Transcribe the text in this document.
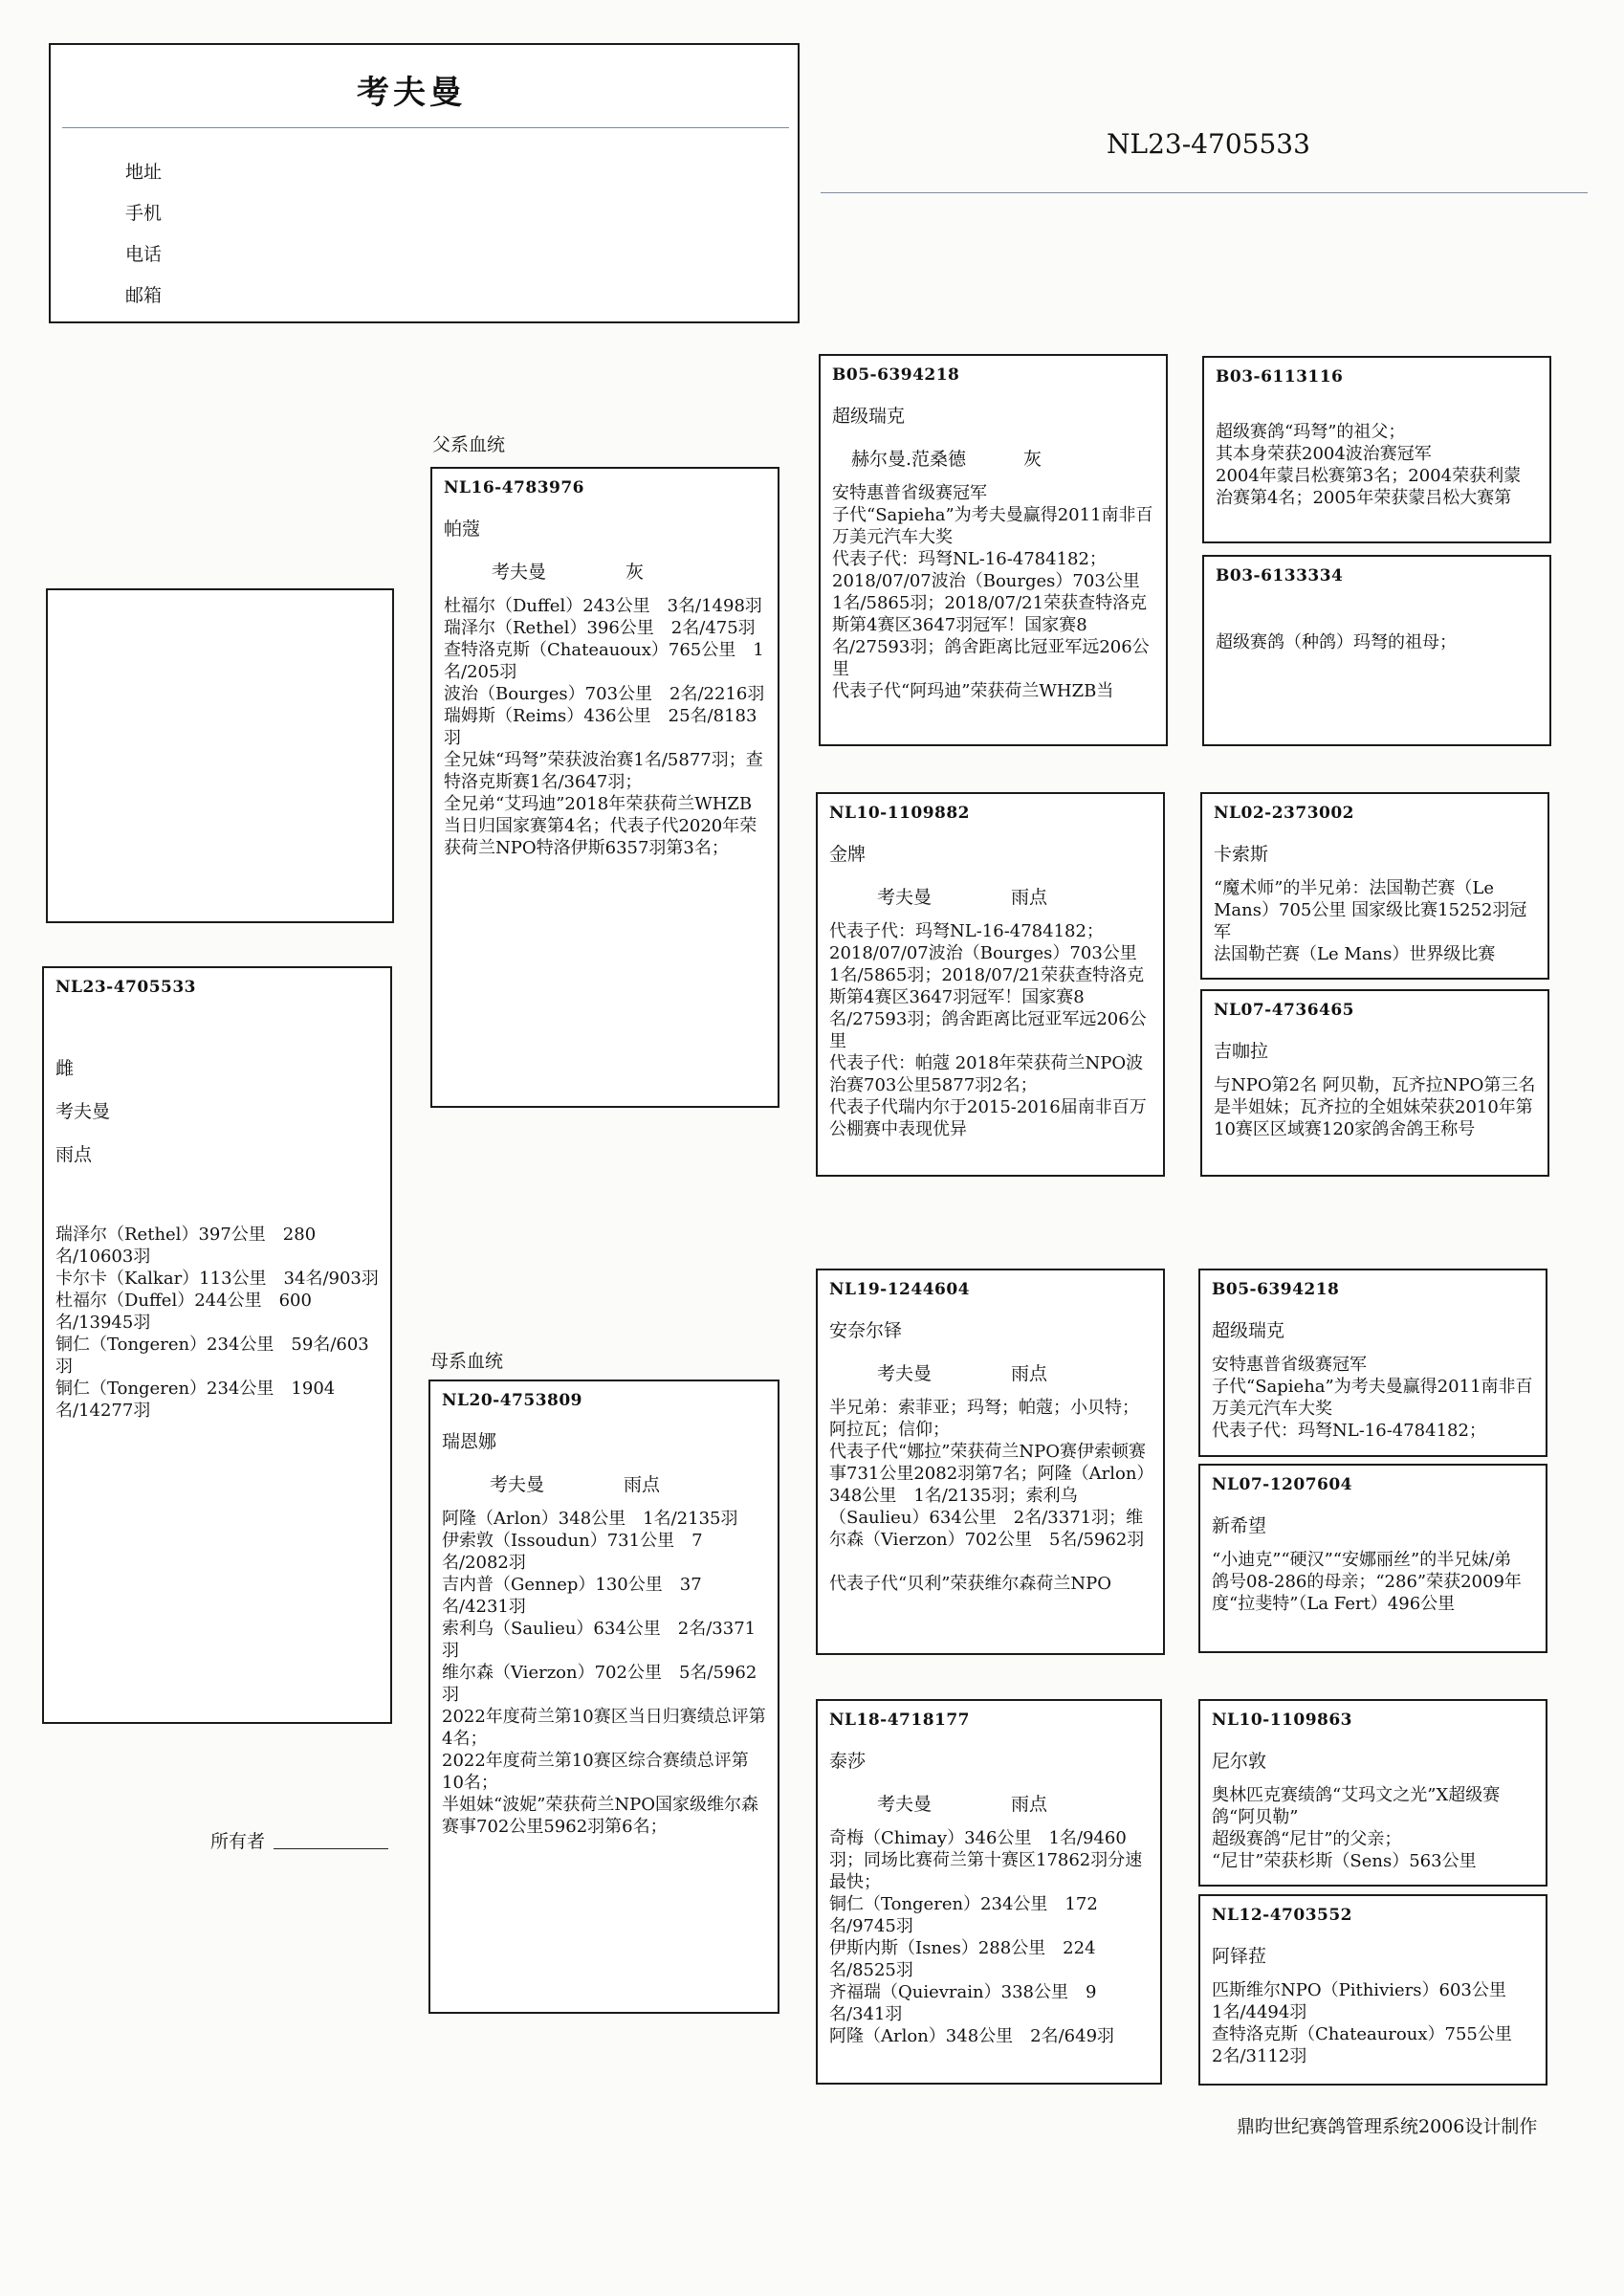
考夫曼
地址
手机
电话
邮箱
NL23-4705533
NL23-4705533
雌
考夫曼
雨点
瑞泽尔（Rethel）397公里　280名/10603羽
卡尔卡（Kalkar）113公里　34名/903羽
杜福尔（Duffel）244公里　600名/13945羽
铜仁（Tongeren）234公里　59名/603羽
铜仁（Tongeren）234公里　1904名/14277羽
所有者
父系血统
母系血统
NL16-4783976
帕蔻
考夫曼	灰
杜福尔（Duffel）243公里　3名/1498羽
瑞泽尔（Rethel）396公里　2名/475羽
查特洛克斯（Chateauoux）765公里　1名/205羽
波治（Bourges）703公里　2名/2216羽
瑞姆斯（Reims）436公里　25名/8183羽
全兄妹“玛弩”荣获波治赛1名/5877羽；查特洛克斯赛1名/3647羽；
全兄弟“艾玛迪”2018年荣获荷兰WHZB当日归国家赛第4名；代表子代2020年荣获荷兰NPO特洛伊斯6357羽第3名；
NL20-4753809
瑞恩娜
考夫曼	雨点
阿隆（Arlon）348公里　1名/2135羽
伊索敦（Issoudun）731公里　7名/2082羽
吉内普（Gennep）130公里　37名/4231羽
索利乌（Saulieu）634公里　2名/3371羽
维尔森（Vierzon）702公里　5名/5962羽
2022年度荷兰第10赛区当日归赛绩总评第4名；
2022年度荷兰第10赛区综合赛绩总评第10名；
半姐妹“波妮”荣获荷兰NPO国家级维尔森赛事702公里5962羽第6名；
B05-6394218
超级瑞克
赫尔曼.范桑德	灰
安特惠普省级赛冠军
子代“Sapieha”为考夫曼赢得2011南非百万美元汽车大奖
代表子代：玛弩NL-16-4784182；
2018/07/07波治（Bourges）703公里　1名/5865羽；2018/07/21荣获查特洛克斯第4赛区3647羽冠军！国家赛8名/27593羽；鸽舍距离比冠亚军远206公里
代表子代“阿玛迪”荣获荷兰WHZB当
NL10-1109882
金牌
考夫曼	雨点
代表子代：玛弩NL-16-4784182；
2018/07/07波治（Bourges）703公里　1名/5865羽；2018/07/21荣获查特洛克斯第4赛区3647羽冠军！国家赛8名/27593羽；鸽舍距离比冠亚军远206公里
代表子代：帕蔻 2018年荣获荷兰NPO波治赛703公里5877羽2名；
代表子代瑞内尔于2015-2016届南非百万公棚赛中表现优异
NL19-1244604
安奈尔铎
考夫曼	雨点
半兄弟：索菲亚；玛弩；帕蔻；小贝特；阿拉瓦；信仰；
代表子代“娜拉”荣获荷兰NPO赛伊索顿赛事731公里2082羽第7名；阿隆（Arlon）348公里　1名/2135羽；索利乌（Saulieu）634公里　2名/3371羽；维尔森（Vierzon）702公里　5名/5962羽

代表子代“贝利”荣获维尔森荷兰NPO
NL18-4718177
泰莎
考夫曼	雨点
奇梅（Chimay）346公里　1名/9460羽；同场比赛荷兰第十赛区17862羽分速最快；
铜仁（Tongeren）234公里　172名/9745羽
伊斯内斯（Isnes）288公里　224名/8525羽
齐福瑞（Quievrain）338公里　9名/341羽
阿隆（Arlon）348公里　2名/649羽
B03-6113116
超级赛鸽“玛弩”的祖父；
其本身荣获2004波治赛冠军
2004年蒙吕松赛第3名；2004荣获利蒙治赛第4名；2005年荣获蒙吕松大赛第
B03-6133334
超级赛鸽（种鸽）玛弩的祖母；
NL02-2373002
卡索斯
“魔术师”的半兄弟：法国勒芒赛（Le Mans）705公里 国家级比赛15252羽冠军
法国勒芒赛（Le Mans）世界级比赛
NL07-4736465
吉咖拉
与NPO第2名 阿贝勒，瓦齐拉NPO第三名是半姐妹；瓦齐拉的全姐妹荣获2010年第10赛区区域赛120家鸽舍鸽王称号
B05-6394218
超级瑞克
安特惠普省级赛冠军
子代“Sapieha”为考夫曼赢得2011南非百万美元汽车大奖
代表子代：玛弩NL-16-4784182；
NL07-1207604
新希望
“小迪克”“硬汉”“安娜丽丝”的半兄妹/弟
鸽号08-286的母亲；“286”荣获2009年度“拉斐特”（La Fert）496公里
NL10-1109863
尼尔敦
奥林匹克赛绩鸽“艾玛文之光”X超级赛鸽“阿贝勒”
超级赛鸽“尼甘”的父亲；
“尼甘”荣获杉斯（Sens）563公里
NL12-4703552
阿铎菈
匹斯维尔NPO（Pithiviers）603公里　1名/4494羽
查特洛克斯（Chateauroux）755公里　2名/3112羽
鼎昀世纪赛鸽管理系统2006设计制作
